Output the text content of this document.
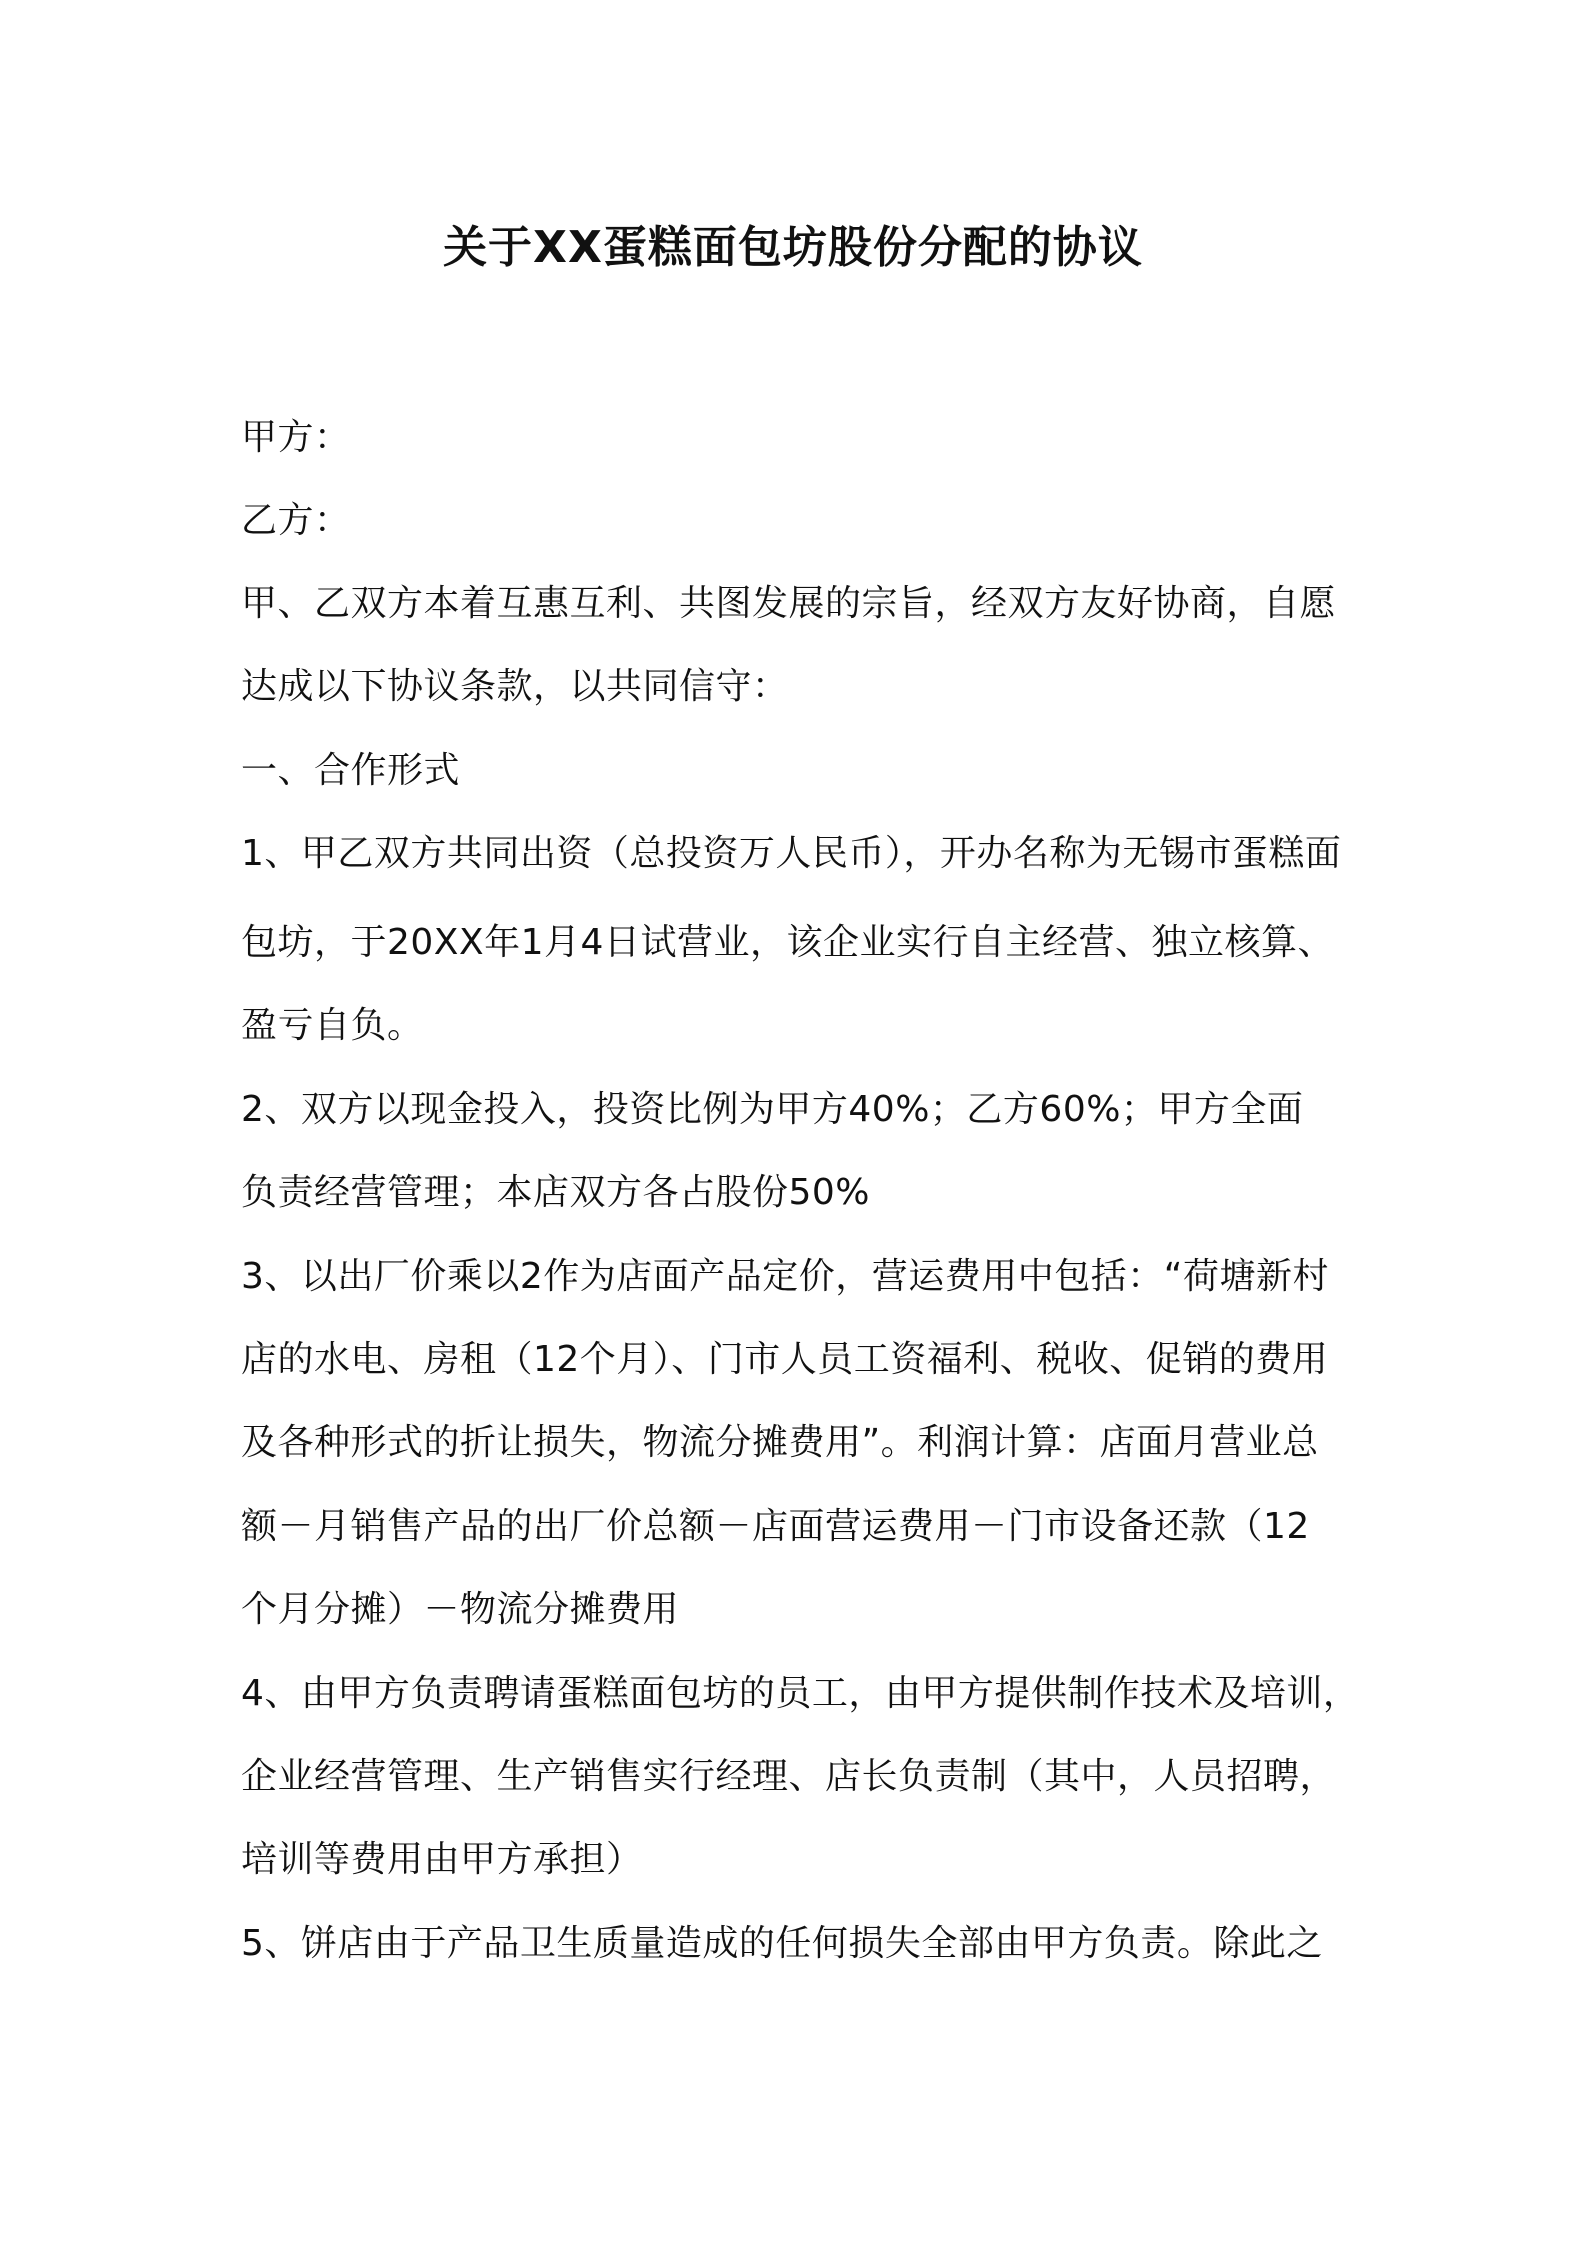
关于XX蛋糕面包坊股份分配的协议
甲方：
乙方：
甲、乙双方本着互惠互利、共图发展的宗旨，经双方友好协商，自愿
达成以下协议条款，以共同信守：
一、合作形式
1、甲乙双方共同出资（总投资万人民币），开办名称为无锡市蛋糕面
包坊，于20XX年1月4日试营业，该企业实行自主经营、独立核算、
盈亏自负。
2、双方以现金投入，投资比例为甲方40%；乙方60%；甲方全面
负责经营管理；本店双方各占股份50%
3、以出厂价乘以2作为店面产品定价，营运费用中包括：“荷塘新村
店的水电、房租（12个月）、门市人员工资福利、税收、促销的费用
及各种形式的折让损失，物流分摊费用”。利润计算：店面月营业总
额－月销售产品的出厂价总额－店面营运费用－门市设备还款（12
个月分摊）－物流分摊费用
4、由甲方负责聘请蛋糕面包坊的员工，由甲方提供制作技术及培训，
企业经营管理、生产销售实行经理、店长负责制（其中，人员招聘，
培训等费用由甲方承担）
5、饼店由于产品卫生质量造成的任何损失全部由甲方负责。除此之
